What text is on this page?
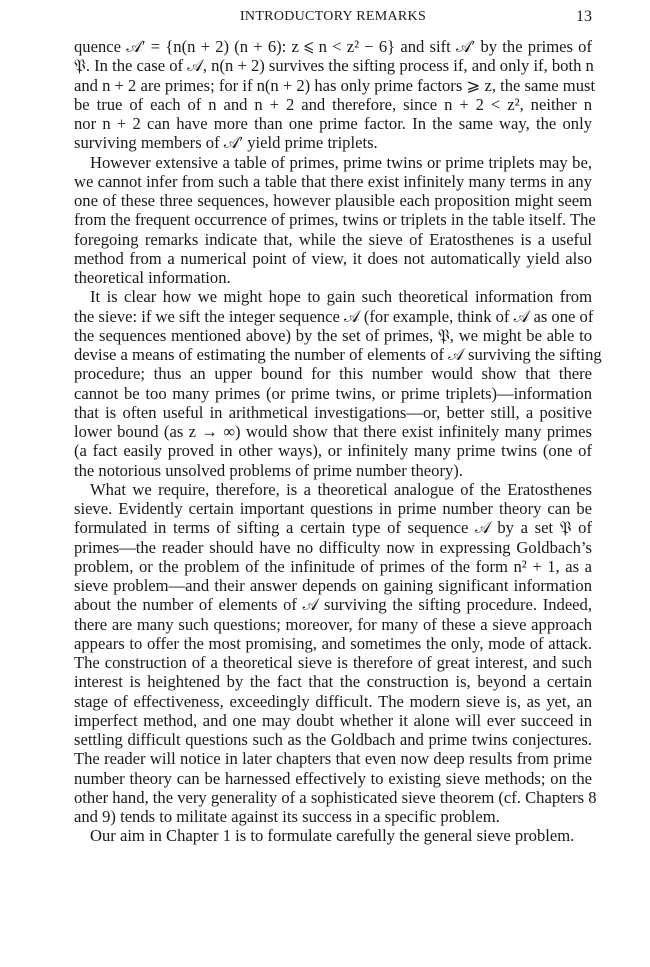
INTRODUCTORY REMARKS	13
quence 𝒜′ = {n(n + 2) (n + 6): z ⩽ n < z² − 6} and sift 𝒜′ by the primes of
𝔓. In the case of 𝒜, n(n + 2) survives the sifting process if, and only if, both n
and n + 2 are primes; for if n(n + 2) has only prime factors ⩾ z, the same must
be true of each of n and n + 2 and therefore, since n + 2 < z², neither n
nor n + 2 can have more than one prime factor. In the same way, the only
surviving members of 𝒜′ yield prime triplets.
However extensive a table of primes, prime twins or prime triplets may be,
we cannot infer from such a table that there exist infinitely many terms in any
one of these three sequences, however plausible each proposition might seem
from the frequent occurrence of primes, twins or triplets in the table itself. The
foregoing remarks indicate that, while the sieve of Eratosthenes is a useful
method from a numerical point of view, it does not automatically yield also
theoretical information.
It is clear how we might hope to gain such theoretical information from
the sieve: if we sift the integer sequence 𝒜 (for example, think of 𝒜 as one of
the sequences mentioned above) by the set of primes, 𝔓, we might be able to
devise a means of estimating the number of elements of 𝒜 surviving the sifting
procedure; thus an upper bound for this number would show that there
cannot be too many primes (or prime twins, or prime triplets)—information
that is often useful in arithmetical investigations—or, better still, a positive
lower bound (as z → ∞) would show that there exist infinitely many primes
(a fact easily proved in other ways), or infinitely many prime twins (one of
the notorious unsolved problems of prime number theory).
What we require, therefore, is a theoretical analogue of the Eratosthenes
sieve. Evidently certain important questions in prime number theory can be
formulated in terms of sifting a certain type of sequence 𝒜 by a set 𝔓 of
primes—the reader should have no difficulty now in expressing Goldbach’s
problem, or the problem of the infinitude of primes of the form n² + 1, as a
sieve problem—and their answer depends on gaining significant information
about the number of elements of 𝒜 surviving the sifting procedure. Indeed,
there are many such questions; moreover, for many of these a sieve approach
appears to offer the most promising, and sometimes the only, mode of attack.
The construction of a theoretical sieve is therefore of great interest, and such
interest is heightened by the fact that the construction is, beyond a certain
stage of effectiveness, exceedingly difficult. The modern sieve is, as yet, an
imperfect method, and one may doubt whether it alone will ever succeed in
settling difficult questions such as the Goldbach and prime twins conjectures.
The reader will notice in later chapters that even now deep results from prime
number theory can be harnessed effectively to existing sieve methods; on the
other hand, the very generality of a sophisticated sieve theorem (cf. Chapters 8
and 9) tends to militate against its success in a specific problem.
Our aim in Chapter 1 is to formulate carefully the general sieve problem.
